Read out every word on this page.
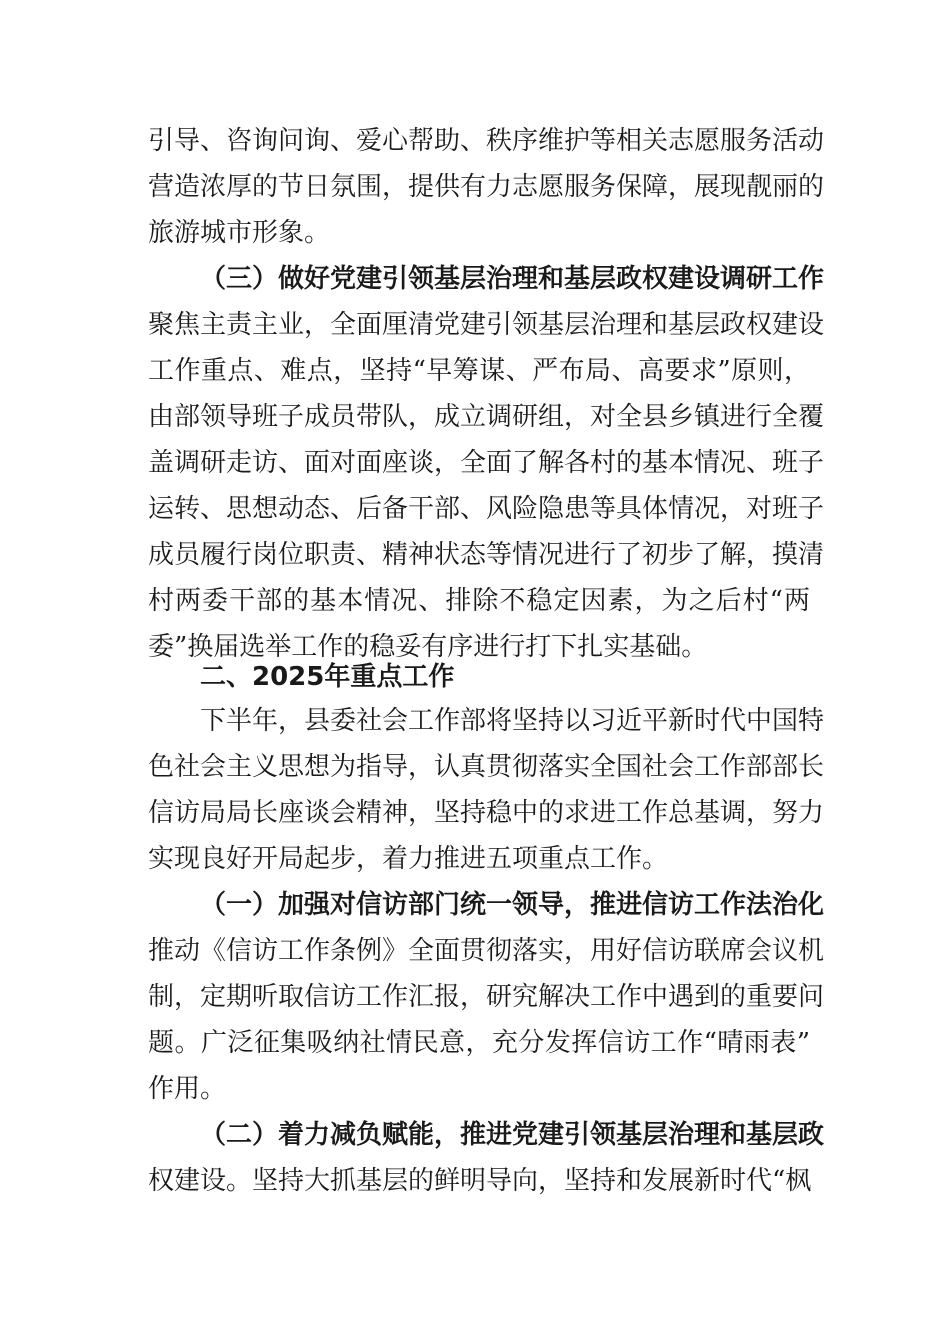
引导、咨询问询、爱心帮助、秩序维护等相关志愿服务活动
营造浓厚的节日氛围，提供有力志愿服务保障，展现靓丽的
旅游城市形象。
（三）做好党建引领基层治理和基层政权建设调研工作
聚焦主责主业，全面厘清党建引领基层治理和基层政权建设
工作重点、难点，坚持“早筹谋、严布局、高要求”原则，
由部领导班子成员带队，成立调研组，对全县乡镇进行全覆
盖调研走访、面对面座谈，全面了解各村的基本情况、班子
运转、思想动态、后备干部、风险隐患等具体情况，对班子
成员履行岗位职责、精神状态等情况进行了初步了解，摸清
村两委干部的基本情况、排除不稳定因素，为之后村“两
委”换届选举工作的稳妥有序进行打下扎实基础。
二、2025年重点工作
下半年，县委社会工作部将坚持以习近平新时代中国特
色社会主义思想为指导，认真贯彻落实全国社会工作部部长
信访局局长座谈会精神，坚持稳中的求进工作总基调，努力
实现良好开局起步，着力推进五项重点工作。
（一）加强对信访部门统一领导，推进信访工作法治化
推动《信访工作条例》全面贯彻落实，用好信访联席会议机
制，定期听取信访工作汇报，研究解决工作中遇到的重要问
题。广泛征集吸纳社情民意，充分发挥信访工作“晴雨表”
作用。
（二）着力减负赋能，推进党建引领基层治理和基层政
权建设。坚持大抓基层的鲜明导向，坚持和发展新时代“枫
